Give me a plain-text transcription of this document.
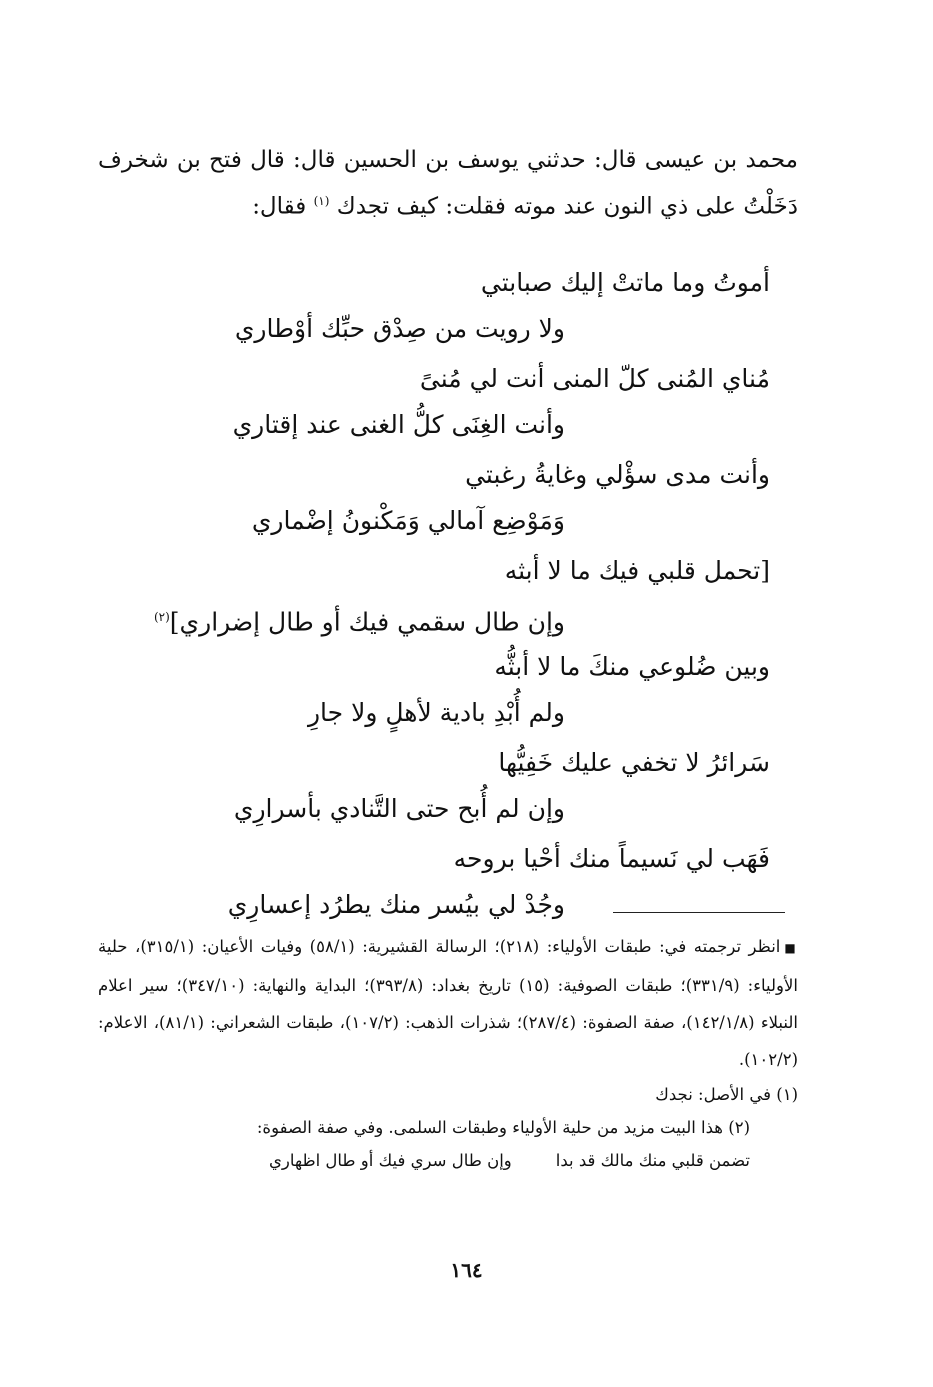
محمد بن عيسى قال: حدثني يوسف بن الحسين قال: قال فتح بن شخرف دَخَلْتُ على ذي النون عند موته فقلت: كيف تجدك $^{(١)}$ فقال:

أموتُ وما ماتتْ إليك صبابتي
ولا رويت من صِدْق حبِّك أوْطاري
مُناي المُنى كلّ المنى أنت لي مُنىً
وأنت الغِنَى كلُّ الغنى عند إقتاري
وأنت مدى سؤْلي وغايةُ رغبتي
وَمَوْضِع آمالي وَمَكْنونُ إضْماري
[تحمل قلبي فيك ما لا أبثه
وإن طال سقمي فيك أو طال إضراري]$^{(٢)}$
وبين ضُلوعي منكَ ما لا أبثُّه
ولم أُبْدِ بادية لأهلٍ ولا جارِ
سَرائرُ لا تخفي عليك خَفِيُّها
وإن لم أُبح حتى التَّنادي بأسرارِي
فَهَب لي نَسيماً منك أحْيا بروحه
وجُدْ لي بيُسر منك يطرُد إعسارِي

■انظر ترجمته في: طبقات الأولياء: (٢١٨)؛ الرسالة القشيرية: (٥٨/١) وفيات الأعيان: (٣١٥/١)، حلية الأولياء: (٣٣١/٩)؛ طبقات الصوفية: (١٥) تاريخ بغداد: (٣٩٣/٨)؛ البداية والنهاية: (٣٤٧/١٠)؛ سير اعلام النبلاء (١٤٢/١/٨)، صفة الصفوة: (٢٨٧/٤)؛ شذرات الذهب: (١٠٧/٢)، طبقات الشعراني: (٨١/١)، الاعلام: (١٠٢/٢).

(١) في الأصل: نجدك

(٢) هذا البيت مزيد من حلية الأولياء وطبقات السلمى. وفي صفة الصفوة:

تضمن قلبي منك مالك قد بدا
وإن طال سري فيك أو طال اظهاري
١٦٤
